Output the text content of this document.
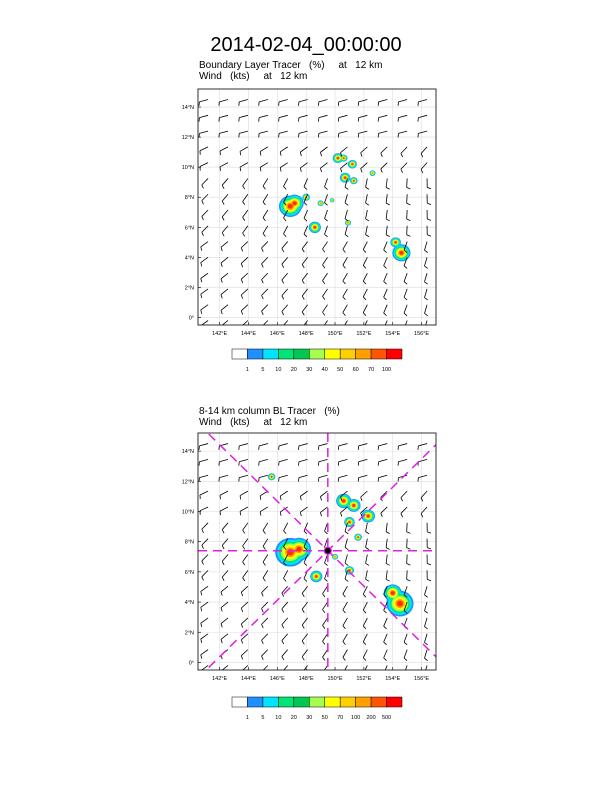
2014-02-04_00:00:00
Boundary Layer Tracer   (%)     at   12 km
Wind   (kts)     at   12 km
8-14 km column BL Tracer   (%)
Wind   (kts)     at   12 km
0°
2°N
4°N
6°N
8°N
10°N
12°N
14°N
142°E	144°E	146°E	148°E	150°E	152°E	154°E	156°E
1 5 10 20 30 40 50 60 70 100
0°
2°N
4°N
6°N
8°N
10°N
12°N
14°N
142°E	144°E	146°E	148°E	150°E	152°E	154°E	156°E
1 5 10 20 30 50 70 100 200 500
